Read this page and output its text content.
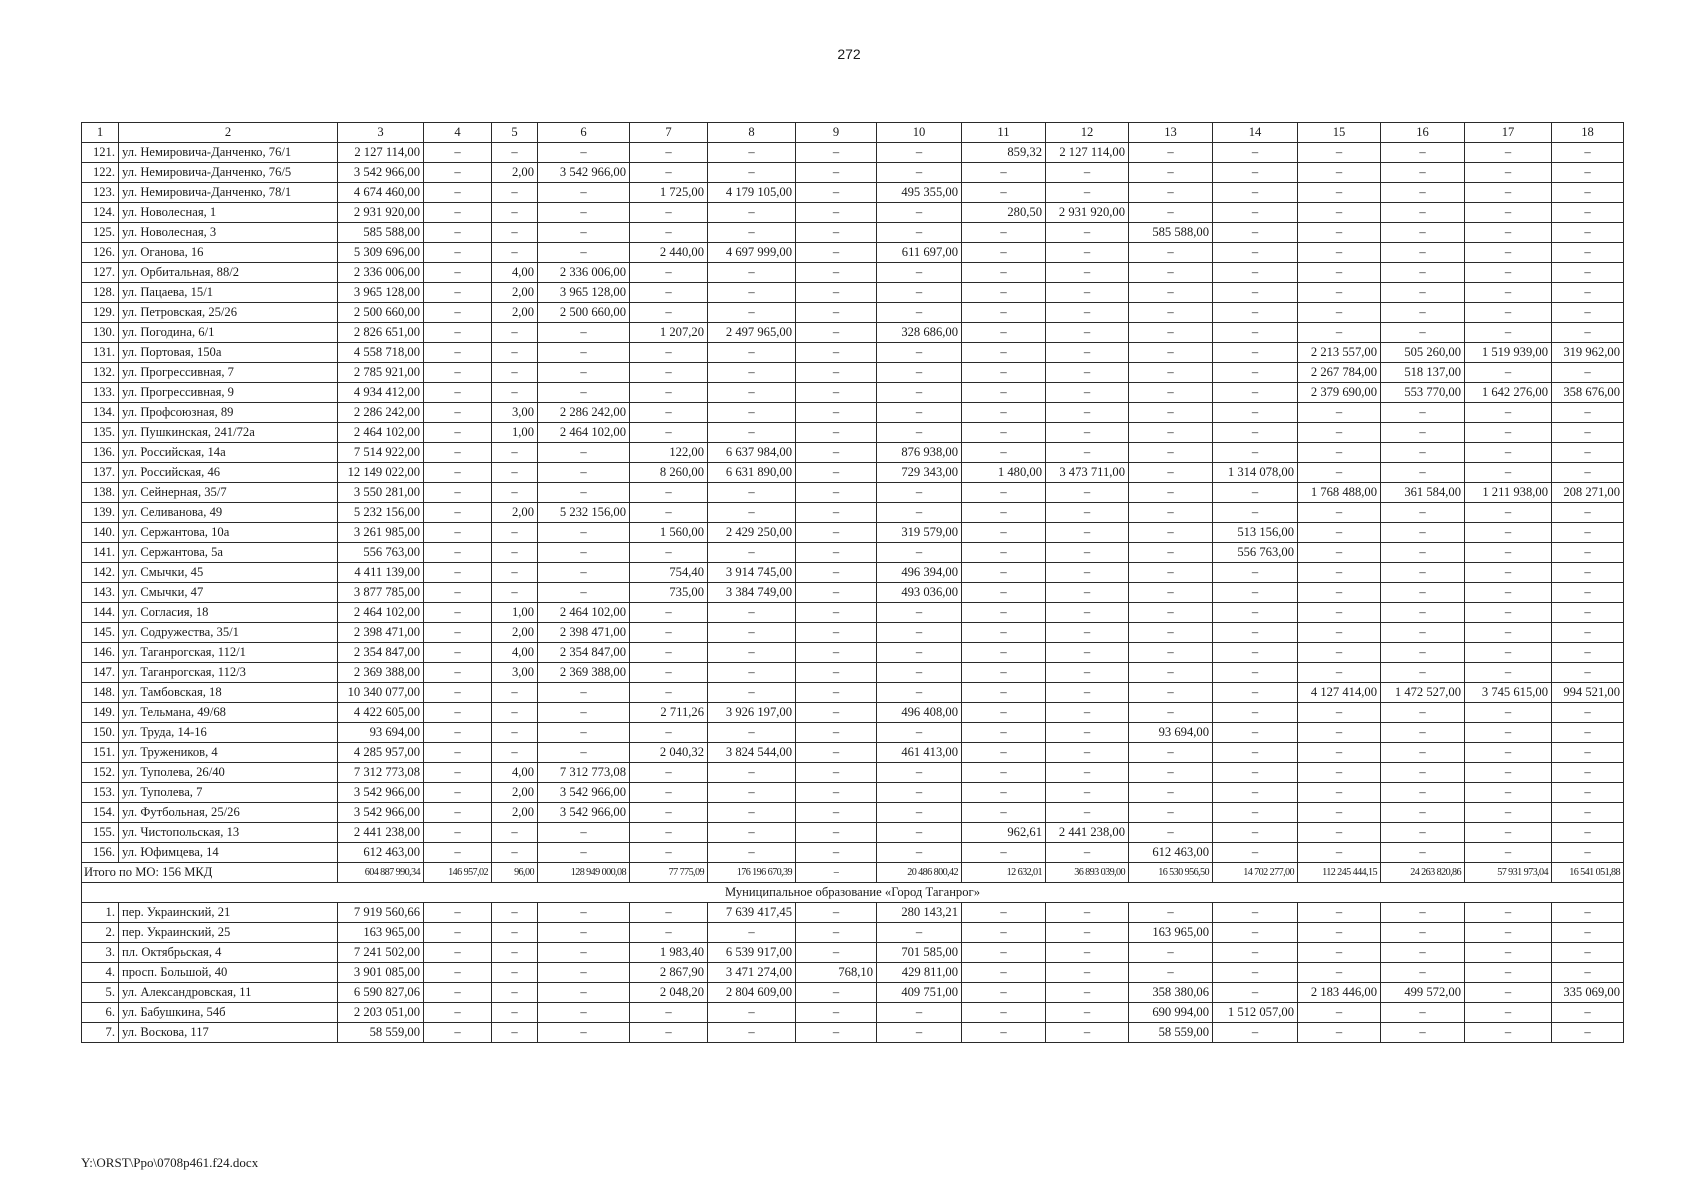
272
1	2	3	4	5	6	7	8	9	10	11	12	13	14	15	16	17	18
121.	ул. Немировича-Данченко, 76/1	2 127 114,00	–	–	–	–	–	–	–	859,32	2 127 114,00	–	–	–	–	–	–
122.	ул. Немировича-Данченко, 76/5	3 542 966,00	–	2,00	3 542 966,00	–	–	–	–	–	–	–	–	–	–	–	–
123.	ул. Немировича-Данченко, 78/1	4 674 460,00	–	–	–	1 725,00	4 179 105,00	–	495 355,00	–	–	–	–	–	–	–	–
124.	ул. Новолесная, 1	2 931 920,00	–	–	–	–	–	–	–	280,50	2 931 920,00	–	–	–	–	–	–
125.	ул. Новолесная, 3	585 588,00	–	–	–	–	–	–	–	–	–	585 588,00	–	–	–	–	–
126.	ул. Оганова, 16	5 309 696,00	–	–	–	2 440,00	4 697 999,00	–	611 697,00	–	–	–	–	–	–	–	–
127.	ул. Орбитальная, 88/2	2 336 006,00	–	4,00	2 336 006,00	–	–	–	–	–	–	–	–	–	–	–	–
128.	ул. Пацаева, 15/1	3 965 128,00	–	2,00	3 965 128,00	–	–	–	–	–	–	–	–	–	–	–	–
129.	ул. Петровская, 25/26	2 500 660,00	–	2,00	2 500 660,00	–	–	–	–	–	–	–	–	–	–	–	–
130.	ул. Погодина, 6/1	2 826 651,00	–	–	–	1 207,20	2 497 965,00	–	328 686,00	–	–	–	–	–	–	–	–
131.	ул. Портовая, 150а	4 558 718,00	–	–	–	–	–	–	–	–	–	–	–	2 213 557,00	505 260,00	1 519 939,00	319 962,00
132.	ул. Прогрессивная, 7	2 785 921,00	–	–	–	–	–	–	–	–	–	–	–	2 267 784,00	518 137,00	–	–
133.	ул. Прогрессивная, 9	4 934 412,00	–	–	–	–	–	–	–	–	–	–	–	2 379 690,00	553 770,00	1 642 276,00	358 676,00
134.	ул. Профсоюзная, 89	2 286 242,00	–	3,00	2 286 242,00	–	–	–	–	–	–	–	–	–	–	–	–
135.	ул. Пушкинская, 241/72а	2 464 102,00	–	1,00	2 464 102,00	–	–	–	–	–	–	–	–	–	–	–	–
136.	ул. Российская, 14а	7 514 922,00	–	–	–	122,00	6 637 984,00	–	876 938,00	–	–	–	–	–	–	–	–
137.	ул. Российская, 46	12 149 022,00	–	–	–	8 260,00	6 631 890,00	–	729 343,00	1 480,00	3 473 711,00	–	1 314 078,00	–	–	–	–
138.	ул. Сейнерная, 35/7	3 550 281,00	–	–	–	–	–	–	–	–	–	–	–	1 768 488,00	361 584,00	1 211 938,00	208 271,00
139.	ул. Селиванова, 49	5 232 156,00	–	2,00	5 232 156,00	–	–	–	–	–	–	–	–	–	–	–	–
140.	ул. Сержантова, 10а	3 261 985,00	–	–	–	1 560,00	2 429 250,00	–	319 579,00	–	–	–	513 156,00	–	–	–	–
141.	ул. Сержантова, 5а	556 763,00	–	–	–	–	–	–	–	–	–	–	556 763,00	–	–	–	–
142.	ул. Смычки, 45	4 411 139,00	–	–	–	754,40	3 914 745,00	–	496 394,00	–	–	–	–	–	–	–	–
143.	ул. Смычки, 47	3 877 785,00	–	–	–	735,00	3 384 749,00	–	493 036,00	–	–	–	–	–	–	–	–
144.	ул. Согласия, 18	2 464 102,00	–	1,00	2 464 102,00	–	–	–	–	–	–	–	–	–	–	–	–
145.	ул. Содружества, 35/1	2 398 471,00	–	2,00	2 398 471,00	–	–	–	–	–	–	–	–	–	–	–	–
146.	ул. Таганрогская, 112/1	2 354 847,00	–	4,00	2 354 847,00	–	–	–	–	–	–	–	–	–	–	–	–
147.	ул. Таганрогская, 112/3	2 369 388,00	–	3,00	2 369 388,00	–	–	–	–	–	–	–	–	–	–	–	–
148.	ул. Тамбовская, 18	10 340 077,00	–	–	–	–	–	–	–	–	–	–	–	4 127 414,00	1 472 527,00	3 745 615,00	994 521,00
149.	ул. Тельмана, 49/68	4 422 605,00	–	–	–	2 711,26	3 926 197,00	–	496 408,00	–	–	–	–	–	–	–	–
150.	ул. Труда, 14-16	93 694,00	–	–	–	–	–	–	–	–	–	93 694,00	–	–	–	–	–
151.	ул. Тружеников, 4	4 285 957,00	–	–	–	2 040,32	3 824 544,00	–	461 413,00	–	–	–	–	–	–	–	–
152.	ул. Туполева, 26/40	7 312 773,08	–	4,00	7 312 773,08	–	–	–	–	–	–	–	–	–	–	–	–
153.	ул. Туполева, 7	3 542 966,00	–	2,00	3 542 966,00	–	–	–	–	–	–	–	–	–	–	–	–
154.	ул. Футбольная, 25/26	3 542 966,00	–	2,00	3 542 966,00	–	–	–	–	–	–	–	–	–	–	–	–
155.	ул. Чистопольская, 13	2 441 238,00	–	–	–	–	–	–	–	962,61	2 441 238,00	–	–	–	–	–	–
156.	ул. Юфимцева, 14	612 463,00	–	–	–	–	–	–	–	–	–	612 463,00	–	–	–	–	–
Итого по МО: 156 МКД		604 887 990,34	146 957,02	96,00	128 949 000,08	77 775,09	176 196 670,39	–	20 486 800,42	12 632,01	36 893 039,00	16 530 956,50	14 702 277,00	112 245 444,15	24 263 820,86	57 931 973,04	16 541 051,88
Муниципальное образование «Город Таганрог»																	
1.	пер. Украинский, 21	7 919 560,66	–	–	–	–	7 639 417,45	–	280 143,21	–	–	–	–	–	–	–	–
2.	пер. Украинский, 25	163 965,00	–	–	–	–	–	–	–	–	–	163 965,00	–	–	–	–	–
3.	пл. Октябрьская, 4	7 241 502,00	–	–	–	1 983,40	6 539 917,00	–	701 585,00	–	–	–	–	–	–	–	–
4.	просп. Большой, 40	3 901 085,00	–	–	–	2 867,90	3 471 274,00	768,10	429 811,00	–	–	–	–	–	–	–	–
5.	ул. Александровская, 11	6 590 827,06	–	–	–	2 048,20	2 804 609,00	–	409 751,00	–	–	358 380,06	–	2 183 446,00	499 572,00	–	335 069,00
6.	ул. Бабушкина, 54б	2 203 051,00	–	–	–	–	–	–	–	–	–	690 994,00	1 512 057,00	–	–	–	–
7.	ул. Воскова, 117	58 559,00	–	–	–	–	–	–	–	–	–	58 559,00	–	–	–	–	–
Y:\ORST\Ppo\0708p461.f24.docx
